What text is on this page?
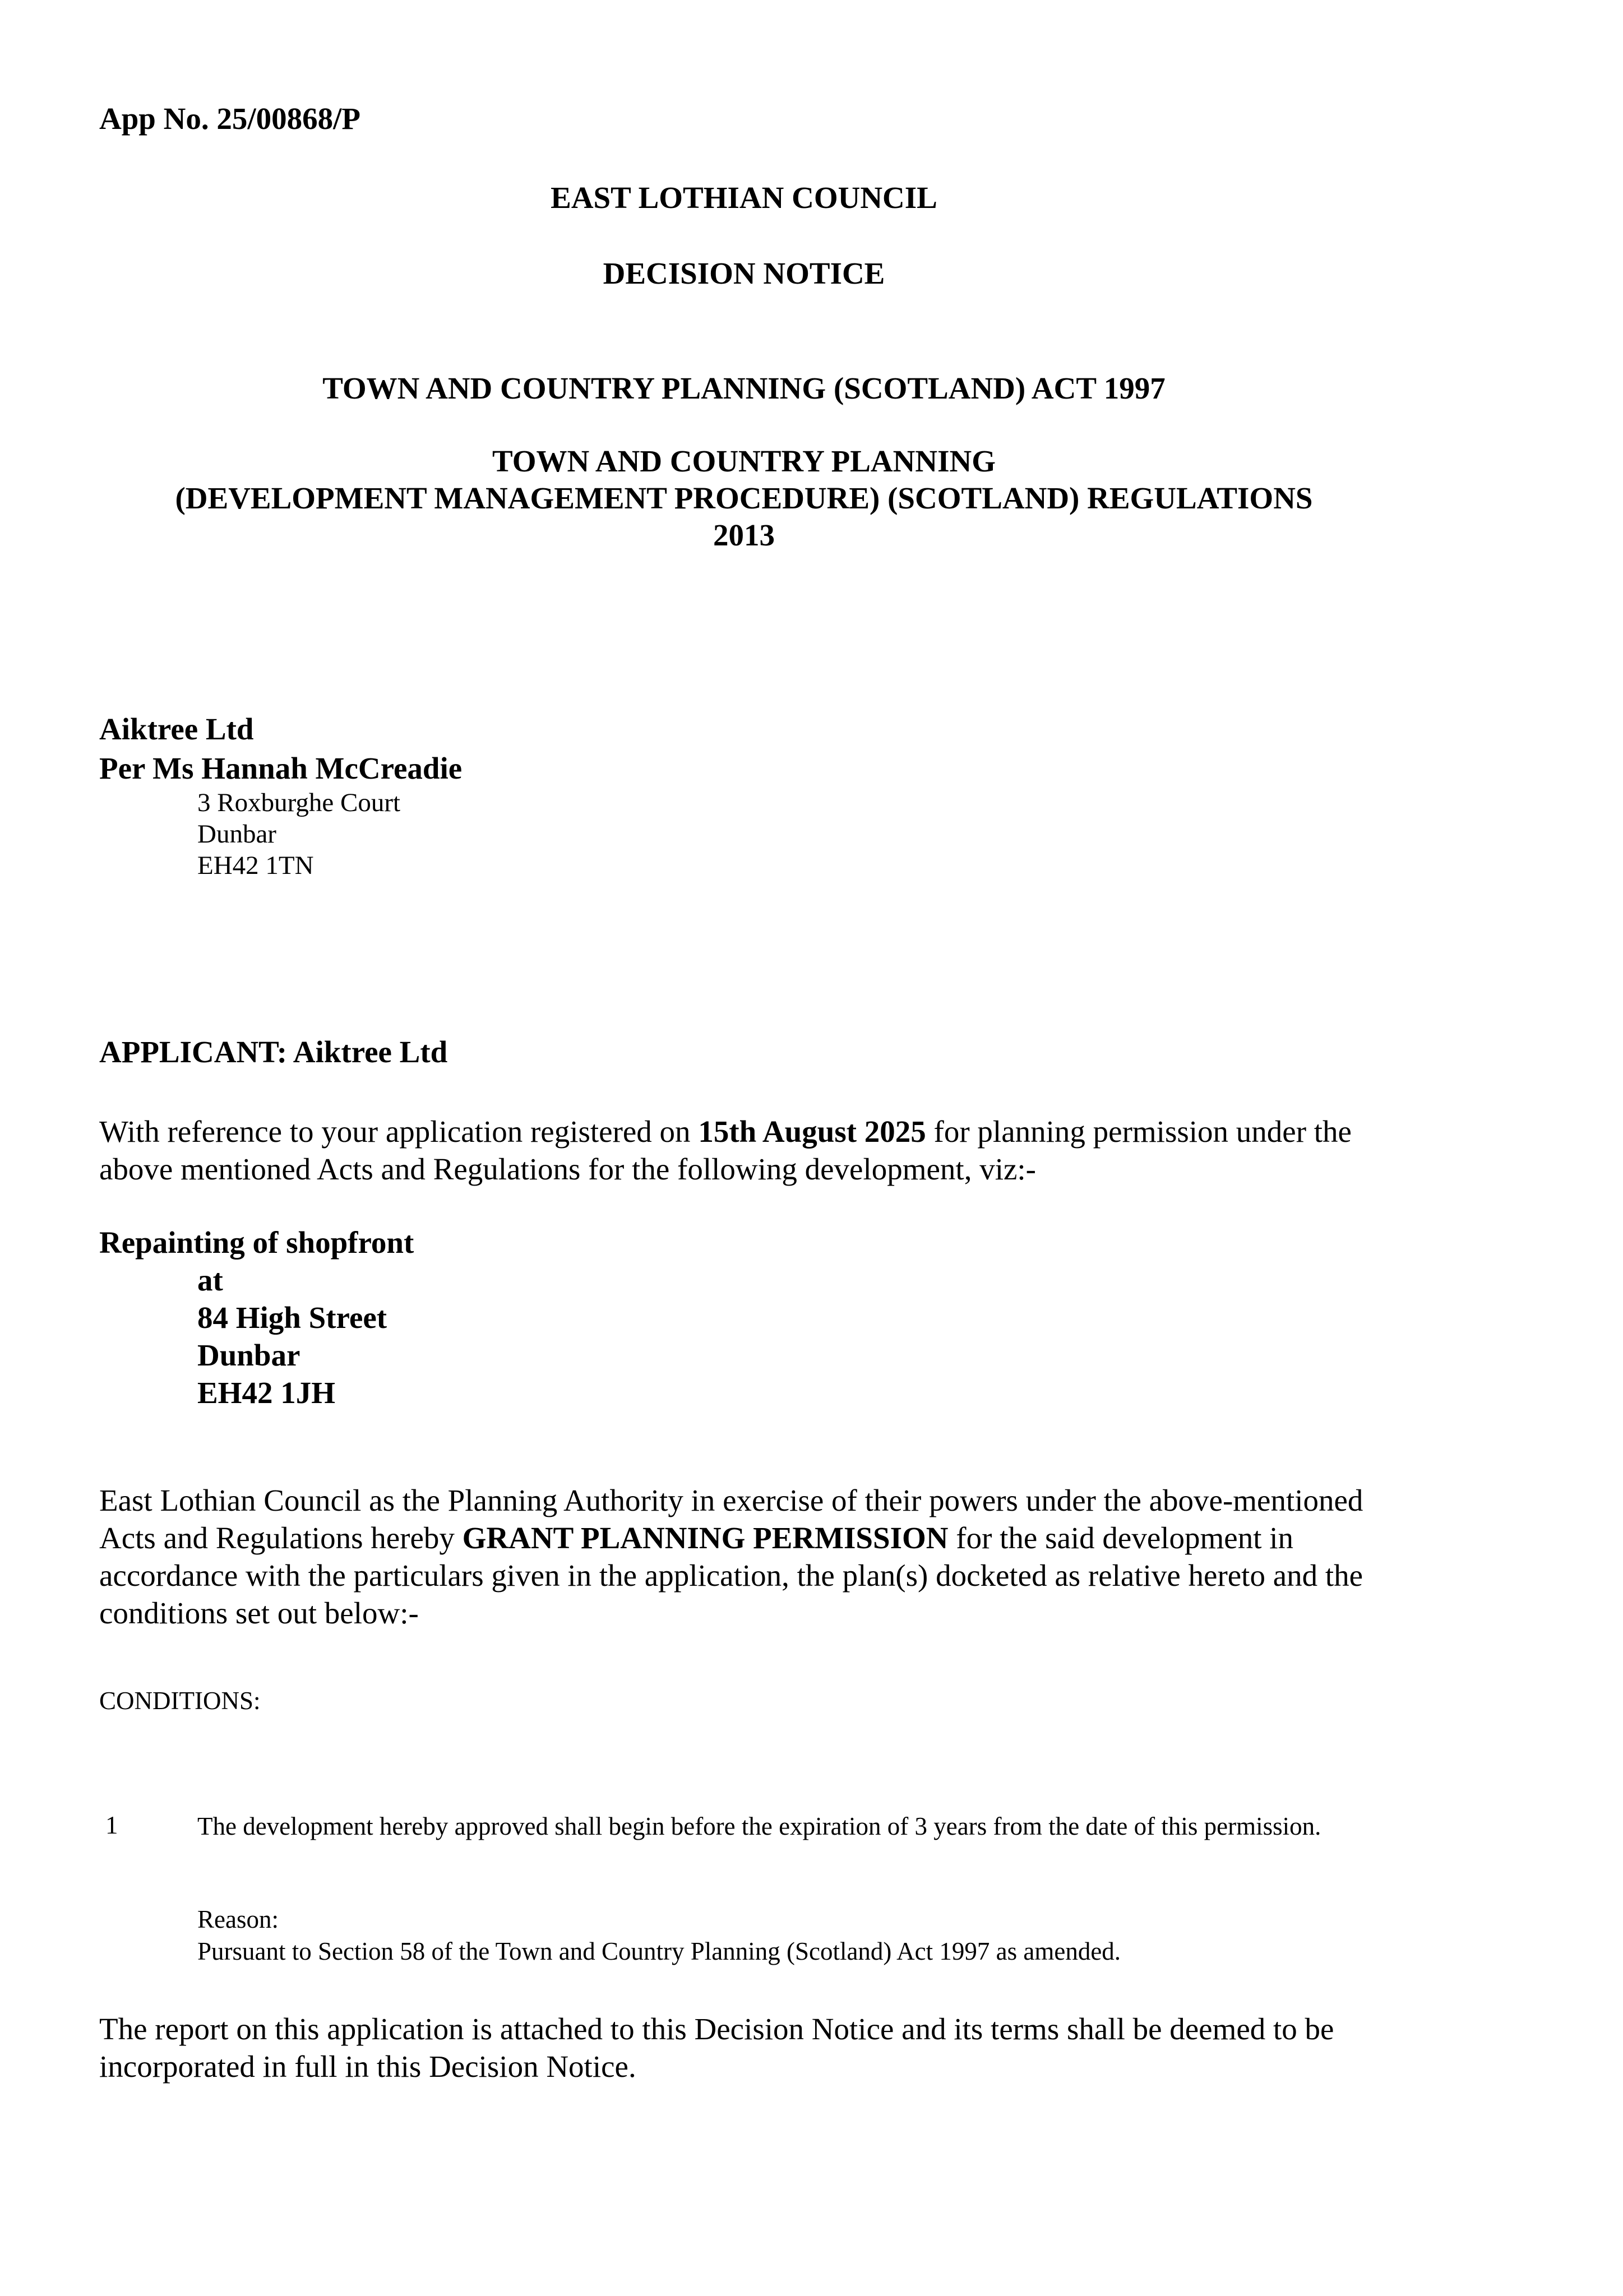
App No. 25/00868/P
EAST LOTHIAN COUNCIL
DECISION NOTICE
TOWN AND COUNTRY PLANNING (SCOTLAND) ACT 1997
TOWN AND COUNTRY PLANNING
(DEVELOPMENT MANAGEMENT PROCEDURE) (SCOTLAND) REGULATIONS
2013
Aiktree Ltd
Per Ms Hannah McCreadie
3 Roxburghe Court
Dunbar
EH42 1TN
APPLICANT: Aiktree Ltd
With reference to your application registered on 15th August 2025 for planning permission under the above mentioned Acts and Regulations for the following development, viz:-
Repainting of shopfront
at
84 High Street
Dunbar
EH42 1JH
East Lothian Council as the Planning Authority in exercise of their powers under the above-mentioned Acts and Regulations hereby GRANT PLANNING PERMISSION for the said development in accordance with the particulars given in the application, the plan(s) docketed as relative hereto and the conditions set out below:-
CONDITIONS:
1	The development hereby approved shall begin before the expiration of 3 years from the date of this permission.
Reason:
Pursuant to Section 58 of the Town and Country Planning (Scotland) Act 1997 as amended.
The report on this application is attached to this Decision Notice and its terms shall be deemed to be incorporated in full in this Decision Notice.
